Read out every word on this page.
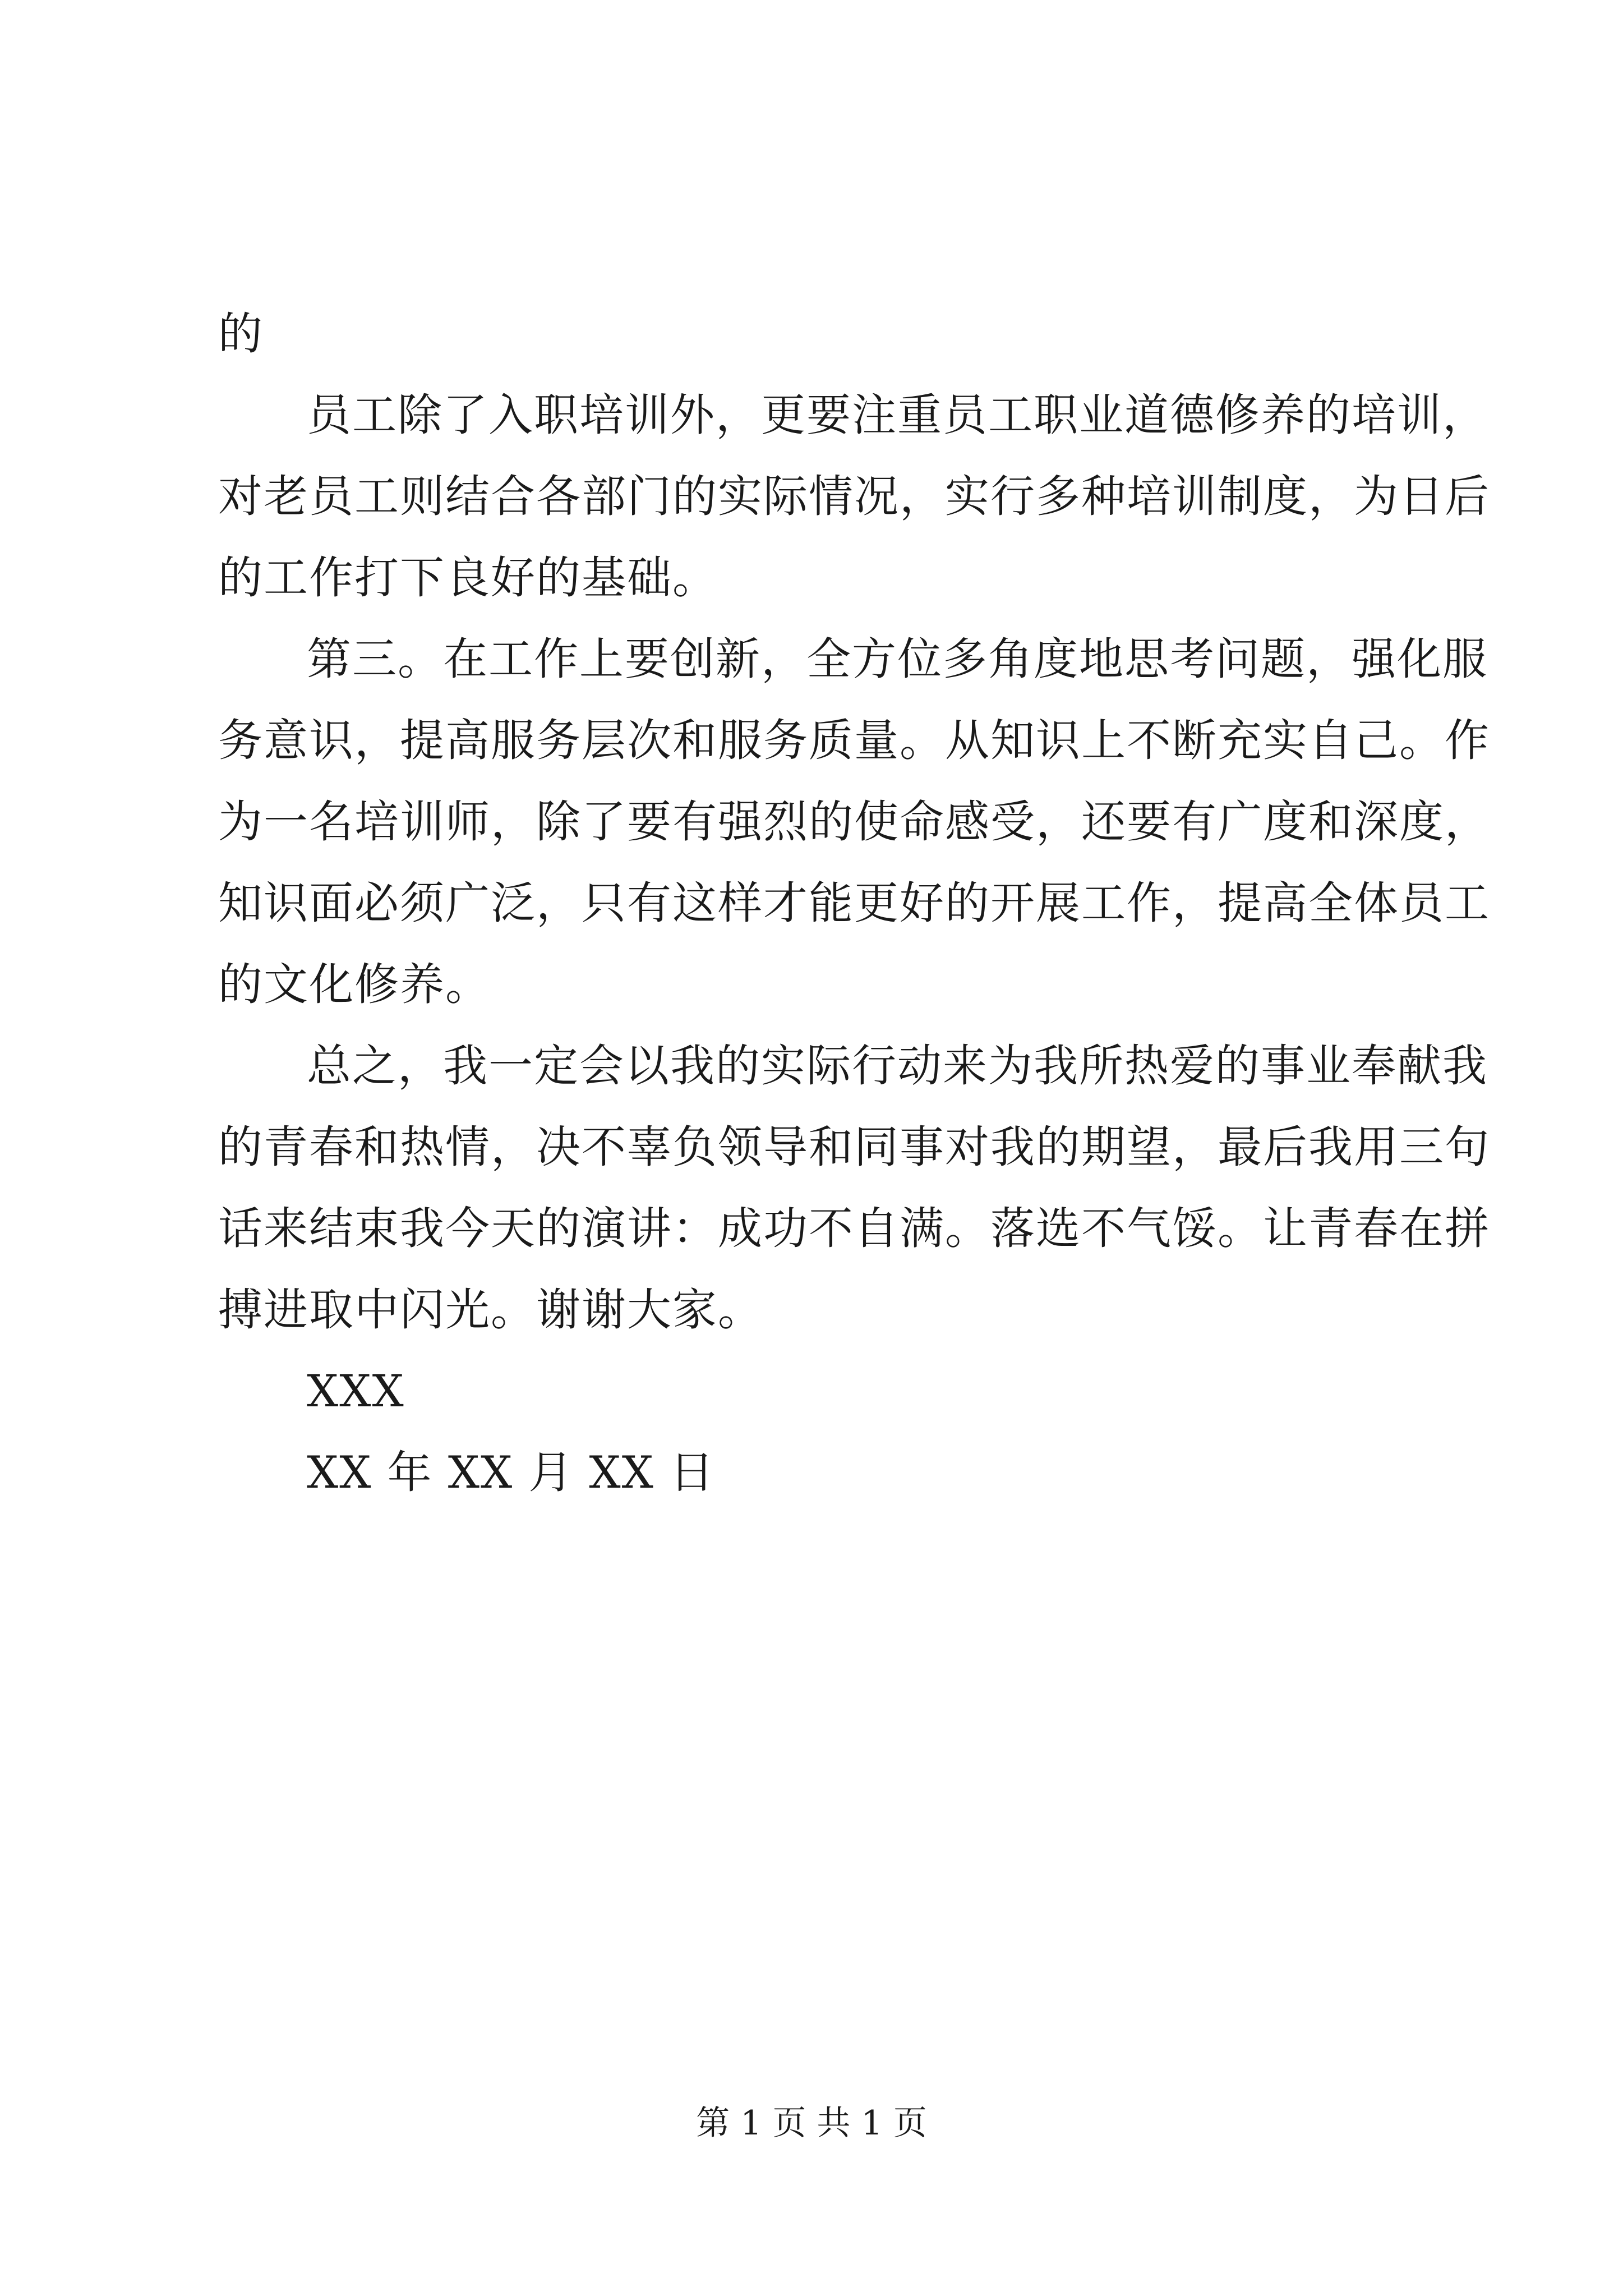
的
员工除了入职培训外，更要注重员工职业道德修养的培训，
对老员工则结合各部门的实际情况，实行多种培训制度，为日后
的工作打下良好的基础。
第三。在工作上要创新，全方位多角度地思考问题，强化服
务意识，提高服务层次和服务质量。从知识上不断充实自己。作
为一名培训师，除了要有强烈的使命感受，还要有广度和深度，
知识面必须广泛，只有这样才能更好的开展工作，提高全体员工
的文化修养。
总之，我一定会以我的实际行动来为我所热爱的事业奉献我
的青春和热情，决不辜负领导和同事对我的期望，最后我用三句
话来结束我今天的演讲：成功不自满。落选不气馁。让青春在拼
搏进取中闪光。谢谢大家。
XXX
XX 年 XX 月 XX 日
第 1 页 共 1 页
